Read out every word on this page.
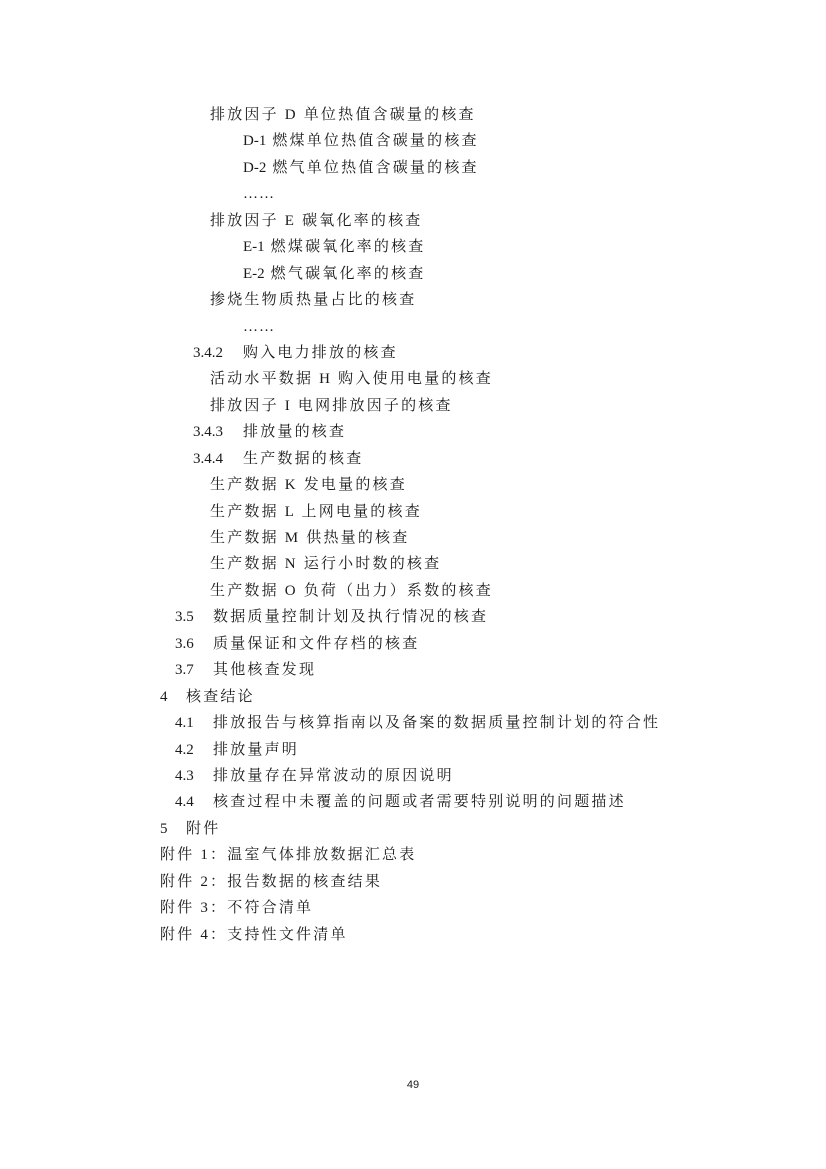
排放因子 D 单位热值含碳量的核查
D-1 燃煤单位热值含碳量的核查
D-2 燃气单位热值含碳量的核查
……
排放因子 E 碳氧化率的核查
E-1 燃煤碳氧化率的核查
E-2 燃气碳氧化率的核查
掺烧生物质热量占比的核查
……
3.4.2 购入电力排放的核查
活动水平数据 H 购入使用电量的核查
排放因子 I 电网排放因子的核查
3.4.3 排放量的核查
3.4.4 生产数据的核查
生产数据 K 发电量的核查
生产数据 L 上网电量的核查
生产数据 M 供热量的核查
生产数据 N 运行小时数的核查
生产数据 O 负荷（出力）系数的核查
3.5 数据质量控制计划及执行情况的核查
3.6 质量保证和文件存档的核查
3.7 其他核查发现
4 核查结论
4.1 排放报告与核算指南以及备案的数据质量控制计划的符合性
4.2 排放量声明
4.3 排放量存在异常波动的原因说明
4.4 核查过程中未覆盖的问题或者需要特别说明的问题描述
5 附件
附件 1：温室气体排放数据汇总表
附件 2：报告数据的核查结果
附件 3：不符合清单
附件 4：支持性文件清单
49
